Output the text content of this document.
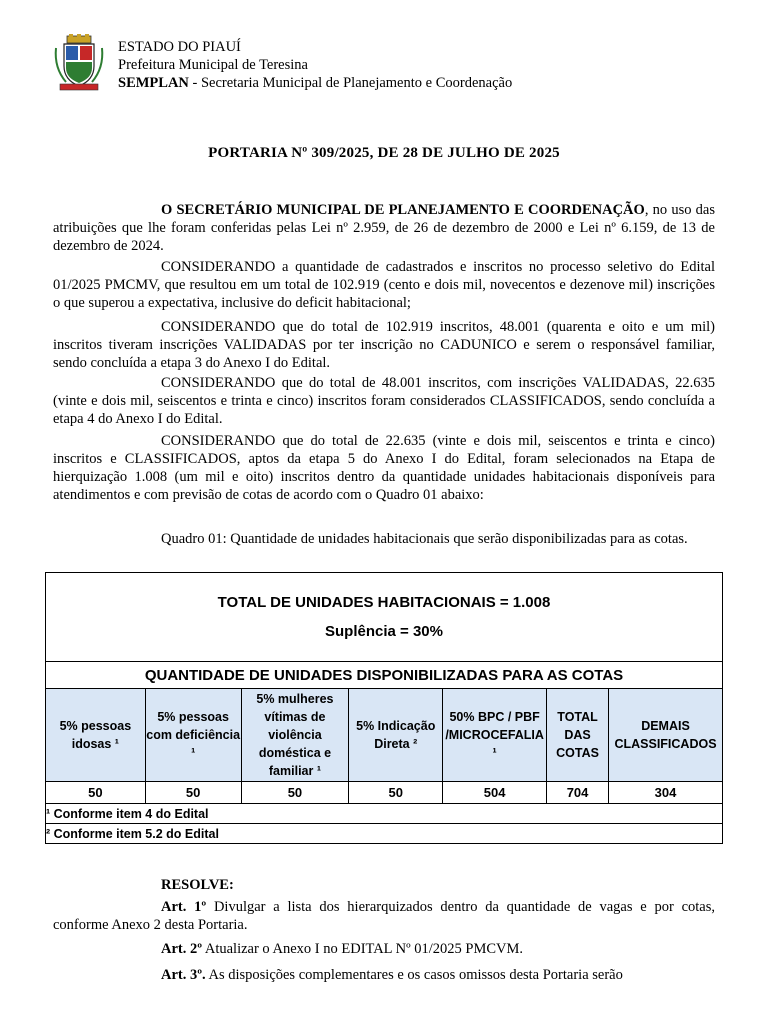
ESTADO DO PIAUÍ
Prefeitura Municipal de Teresina
SEMPLAN - Secretaria Municipal de Planejamento e Coordenação
PORTARIA Nº 309/2025, DE 28 DE JULHO DE 2025
O SECRETÁRIO MUNICIPAL DE PLANEJAMENTO E COORDENAÇÃO, no uso das atribuições que lhe foram conferidas pelas Lei nº 2.959, de 26 de dezembro de 2000 e Lei nº 6.159, de 13 de dezembro de 2024.
CONSIDERANDO a quantidade de cadastrados e inscritos no processo seletivo do Edital 01/2025 PMCMV, que resultou em um total de 102.919 (cento e dois mil, novecentos e dezenove mil) inscrições o que superou a expectativa, inclusive do deficit habitacional;
CONSIDERANDO que do total de 102.919 inscritos, 48.001 (quarenta e oito e um mil) inscritos tiveram inscrições VALIDADAS por ter inscrição no CADUNICO e serem o responsável familiar, sendo concluída a etapa 3 do Anexo I do Edital.
CONSIDERANDO que do total de 48.001 inscritos, com inscrições VALIDADAS, 22.635 (vinte e dois mil, seiscentos e trinta e cinco) inscritos foram considerados CLASSIFICADOS, sendo concluída a etapa 4 do Anexo I do Edital.
CONSIDERANDO que do total de 22.635 (vinte e dois mil, seiscentos e trinta e cinco) inscritos e CLASSIFICADOS, aptos da etapa 5 do Anexo I do Edital, foram selecionados na Etapa de hierquização 1.008 (um mil e oito) inscritos dentro da quantidade unidades habitacionais disponíveis para atendimentos e com previsão de cotas de acordo com o Quadro 01 abaixo:
Quadro 01: Quantidade de unidades habitacionais que serão disponibilizadas para as cotas.
TOTAL DE UNIDADES HABITACIONAIS = 1.008
Suplência = 30%						

QUANTIDADE DE UNIDADES DISPONIBILIZADAS PARA AS COTAS						
5% pessoas idosas ¹	5% pessoas com deficiência ¹	5% mulheres vítimas de violência doméstica e familiar ¹	5% Indicação Direta ²	50% BPC / PBF /MICROCEFALIA ¹	TOTAL DAS COTAS	DEMAIS CLASSIFICADOS
50	50	50	50	504	704	304
¹ Conforme item 4 do Edital						
² Conforme item 5.2 do Edital						
RESOLVE:
Art. 1º Divulgar a lista dos hierarquizados dentro da quantidade de vagas e por cotas, conforme Anexo 2 desta Portaria.
Art. 2º Atualizar o Anexo I no EDITAL Nº 01/2025 PMCVM.
Art. 3º. As disposições complementares e os casos omissos desta Portaria serão
